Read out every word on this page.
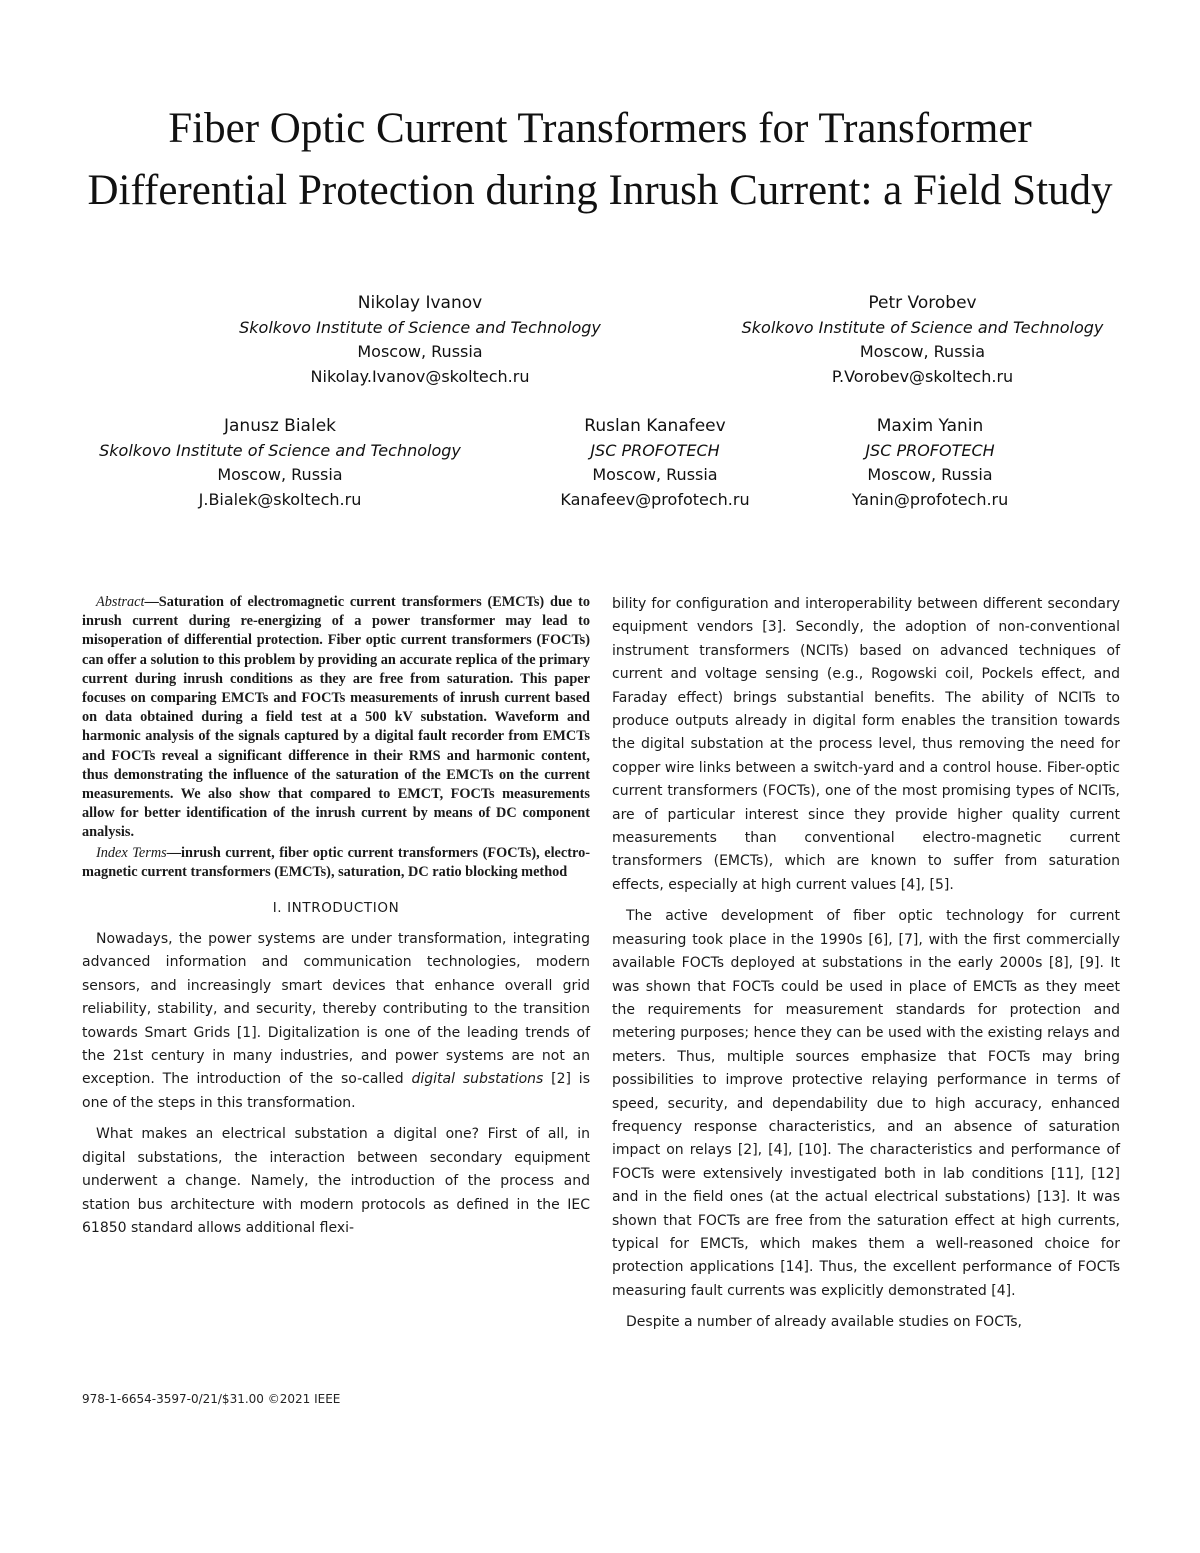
Fiber Optic Current Transformers for Transformer Differential Protection during Inrush Current: a Field Study
Nikolay Ivanov
Skolkovo Institute of Science and Technology
Moscow, Russia
Nikolay.Ivanov@skoltech.ru
Petr Vorobev
Skolkovo Institute of Science and Technology
Moscow, Russia
P.Vorobev@skoltech.ru
Janusz Bialek
Skolkovo Institute of Science and Technology
Moscow, Russia
J.Bialek@skoltech.ru
Ruslan Kanafeev
JSC PROFOTECH
Moscow, Russia
Kanafeev@profotech.ru
Maxim Yanin
JSC PROFOTECH
Moscow, Russia
Yanin@profotech.ru

Abstract—Saturation of electromagnetic current transformers (EMCTs) due to inrush current during re-energizing of a power transformer may lead to misoperation of differential protection. Fiber optic current transformers (FOCTs) can offer a solution to this problem by providing an accurate replica of the primary current during inrush conditions as they are free from saturation. This paper focuses on comparing EMCTs and FOCTs measurements of inrush current based on data obtained during a field test at a 500 kV substation. Waveform and harmonic analysis of the signals captured by a digital fault recorder from EMCTs and FOCTs reveal a significant difference in their RMS and harmonic content, thus demonstrating the influence of the saturation of the EMCTs on the current measurements. We also show that compared to EMCT, FOCTs measurements allow for better identification of the inrush current by means of DC component analysis.

Index Terms—inrush current, fiber optic current transformers (FOCTs), electro-magnetic current transformers (EMCTs), saturation, DC ratio blocking method

I. INTRODUCTION

Nowadays, the power systems are under transformation, integrating advanced information and communication technologies, modern sensors, and increasingly smart devices that enhance overall grid reliability, stability, and security, thereby contributing to the transition towards Smart Grids [1]. Digitalization is one of the leading trends of the 21st century in many industries, and power systems are not an exception. The introduction of the so-called digital substations [2] is one of the steps in this transformation.

What makes an electrical substation a digital one? First of all, in digital substations, the interaction between secondary equipment underwent a change. Namely, the introduction of the process and station bus architecture with modern protocols as defined in the IEC 61850 standard allows additional flexi-

bility for configuration and interoperability between different secondary equipment vendors [3]. Secondly, the adoption of non-conventional instrument transformers (NCITs) based on advanced techniques of current and voltage sensing (e.g., Rogowski coil, Pockels effect, and Faraday effect) brings substantial benefits. The ability of NCITs to produce outputs already in digital form enables the transition towards the digital substation at the process level, thus removing the need for copper wire links between a switch-yard and a control house. Fiber-optic current transformers (FOCTs), one of the most promising types of NCITs, are of particular interest since they provide higher quality current measurements than conventional electro-magnetic current transformers (EMCTs), which are known to suffer from saturation effects, especially at high current values [4], [5].

The active development of fiber optic technology for current measuring took place in the 1990s [6], [7], with the first commercially available FOCTs deployed at substations in the early 2000s [8], [9]. It was shown that FOCTs could be used in place of EMCTs as they meet the requirements for measurement standards for protection and metering purposes; hence they can be used with the existing relays and meters. Thus, multiple sources emphasize that FOCTs may bring possibilities to improve protective relaying performance in terms of speed, security, and dependability due to high accuracy, enhanced frequency response characteristics, and an absence of saturation impact on relays [2], [4], [10]. The characteristics and performance of FOCTs were extensively investigated both in lab conditions [11], [12] and in the field ones (at the actual electrical substations) [13]. It was shown that FOCTs are free from the saturation effect at high currents, typical for EMCTs, which makes them a well-reasoned choice for protection applications [14]. Thus, the excellent performance of FOCTs measuring fault currents was explicitly demonstrated [4].

Despite a number of already available studies on FOCTs,

978-1-6654-3597-0/21/$31.00 ©2021 IEEE
